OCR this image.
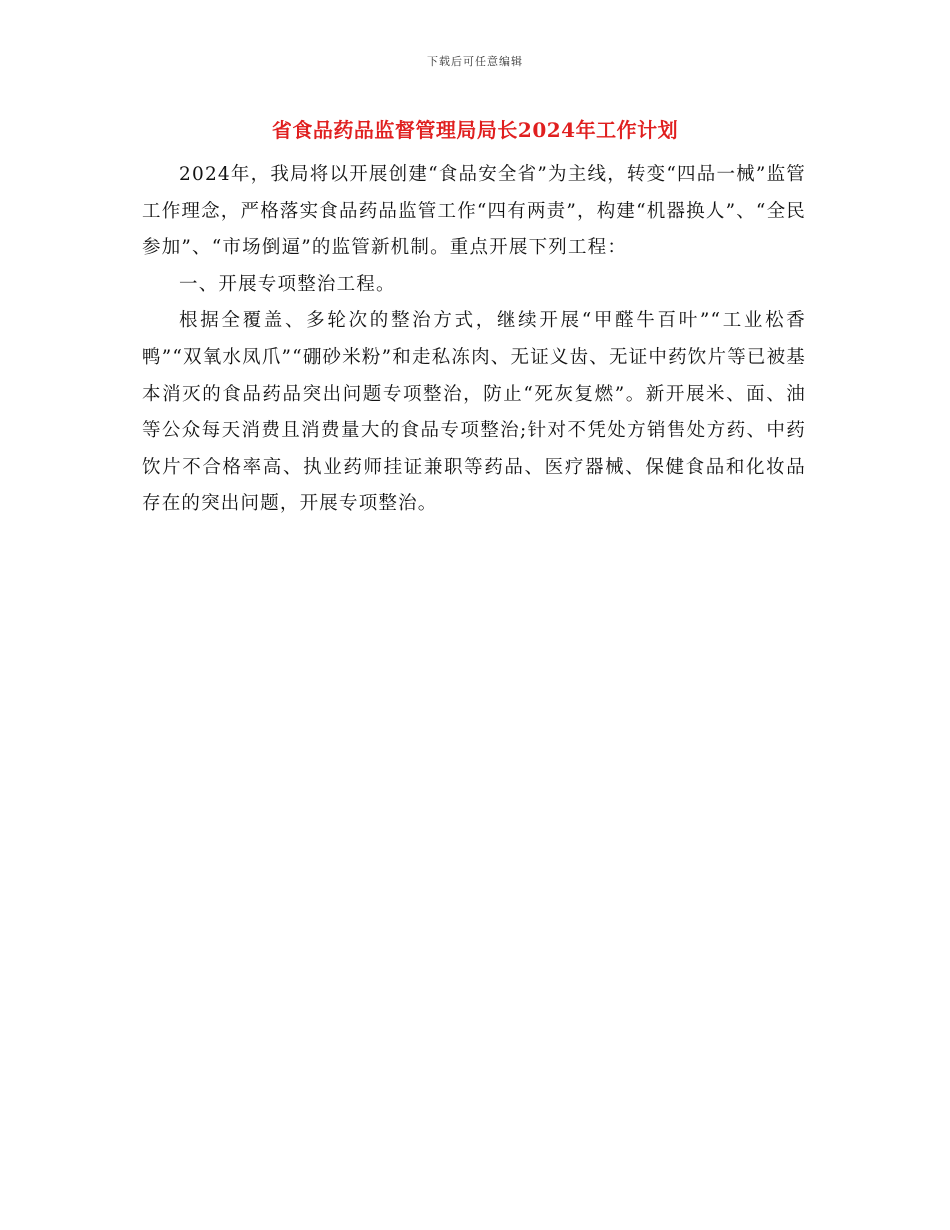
下载后可任意编辑
省食品药品监督管理局局长2024年工作计划

2024年，我局将以开展创建“食品安全省”为主线，转变“四品一械”监管工作理念，严格落实食品药品监管工作“四有两责”，构建“机器换人”、“全民参加”、“市场倒逼”的监管新机制。重点开展下列工程：

一、开展专项整治工程。

根据全覆盖、多轮次的整治方式，继续开展“甲醛牛百叶”“工业松香鸭”“双氧水凤爪”“硼砂米粉”和走私冻肉、无证义齿、无证中药饮片等已被基本消灭的食品药品突出问题专项整治，防止“死灰复燃”。新开展米、面、油等公众每天消费且消费量大的食品专项整治;针对不凭处方销售处方药、中药饮片不合格率高、执业药师挂证兼职等药品、医疗器械、保健食品和化妆品存在的突出问题，开展专项整治。
